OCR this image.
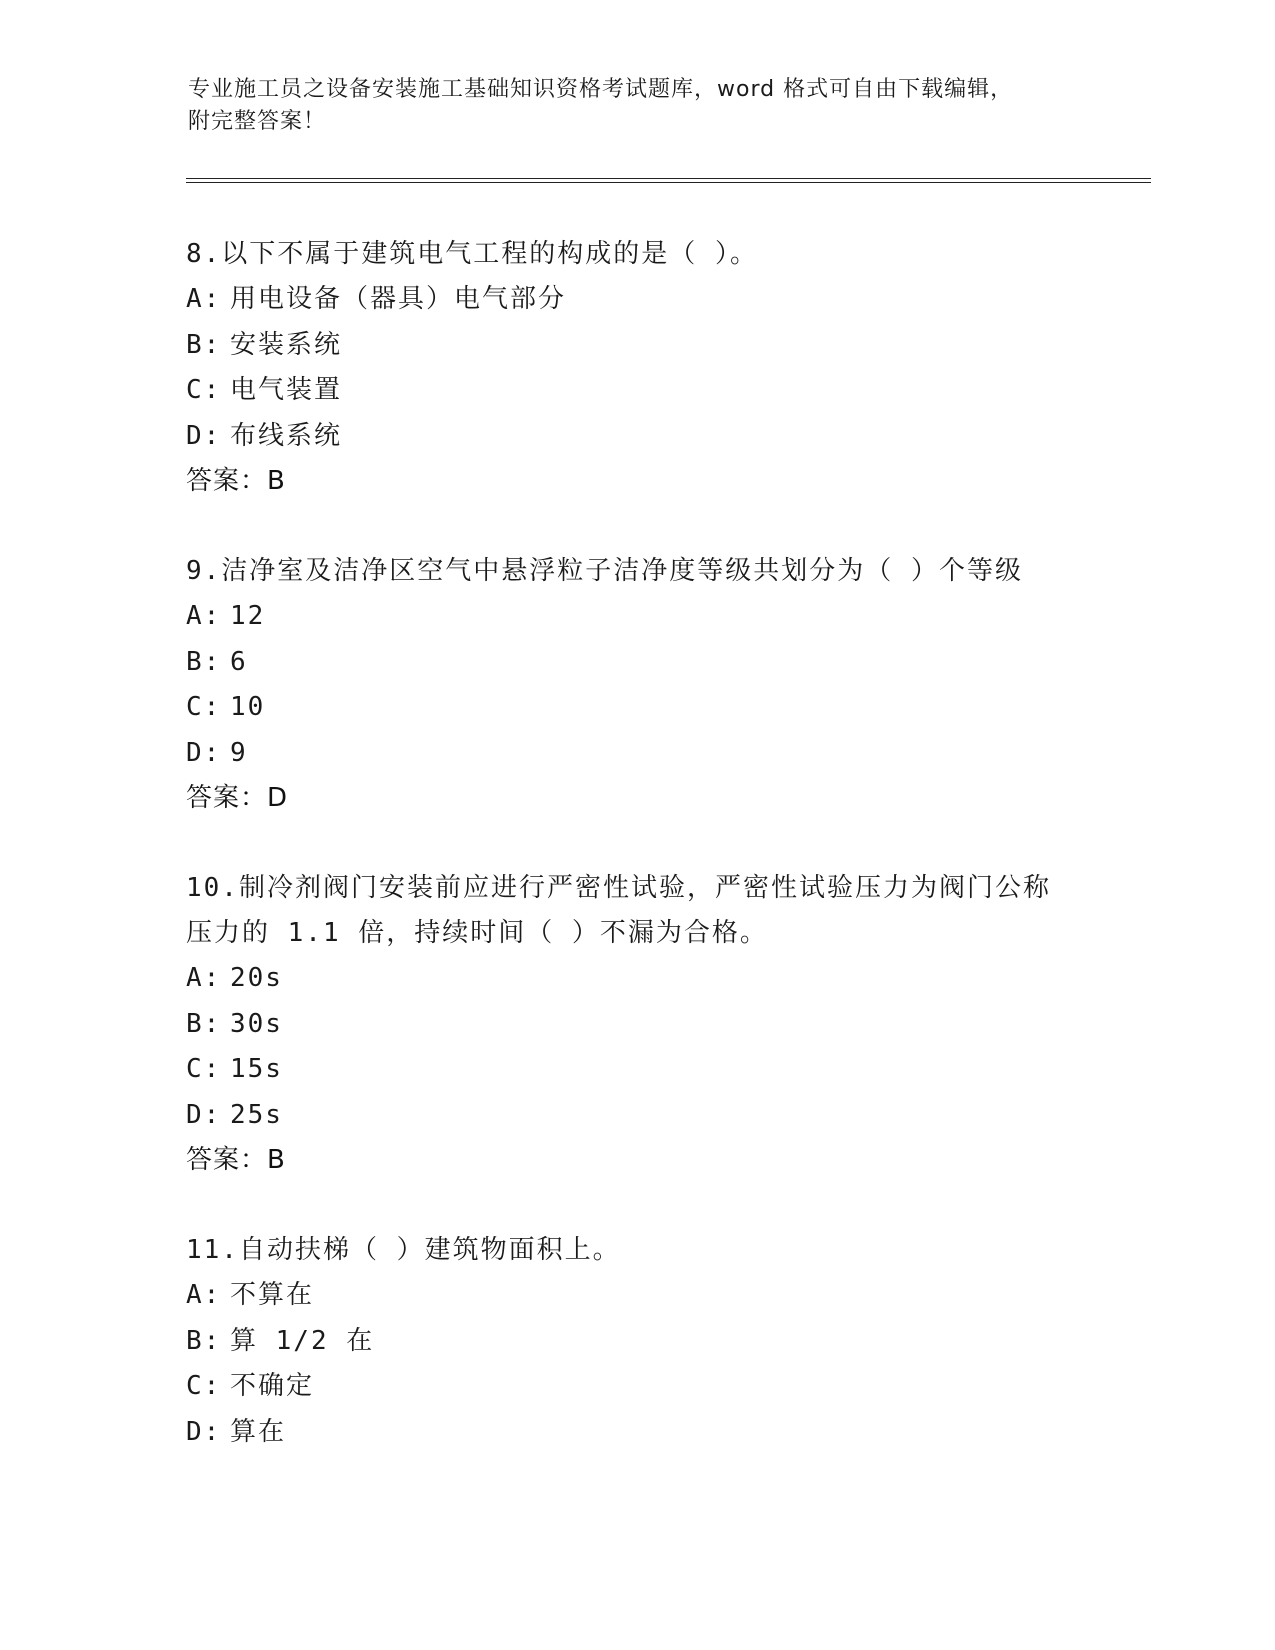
专业施工员之设备安装施工基础知识资格考试题库，word 格式可自由下载编辑，
附完整答案！
8.以下不属于建筑电气工程的构成的是（ ）。
A: 用电设备（器具）电气部分
B: 安装系统
C: 电气装置
D: 布线系统
答案：B
9.洁净室及洁净区空气中悬浮粒子洁净度等级共划分为（ ）个等级
A: 12
B: 6
C: 10
D: 9
答案：D
10.制冷剂阀门安装前应进行严密性试验，严密性试验压力为阀门公称
压力的 1.1 倍，持续时间（ ）不漏为合格。
A: 20s
B: 30s
C: 15s
D: 25s
答案：B
11.自动扶梯（ ）建筑物面积上。
A: 不算在
B: 算 1/2 在
C: 不确定
D: 算在
